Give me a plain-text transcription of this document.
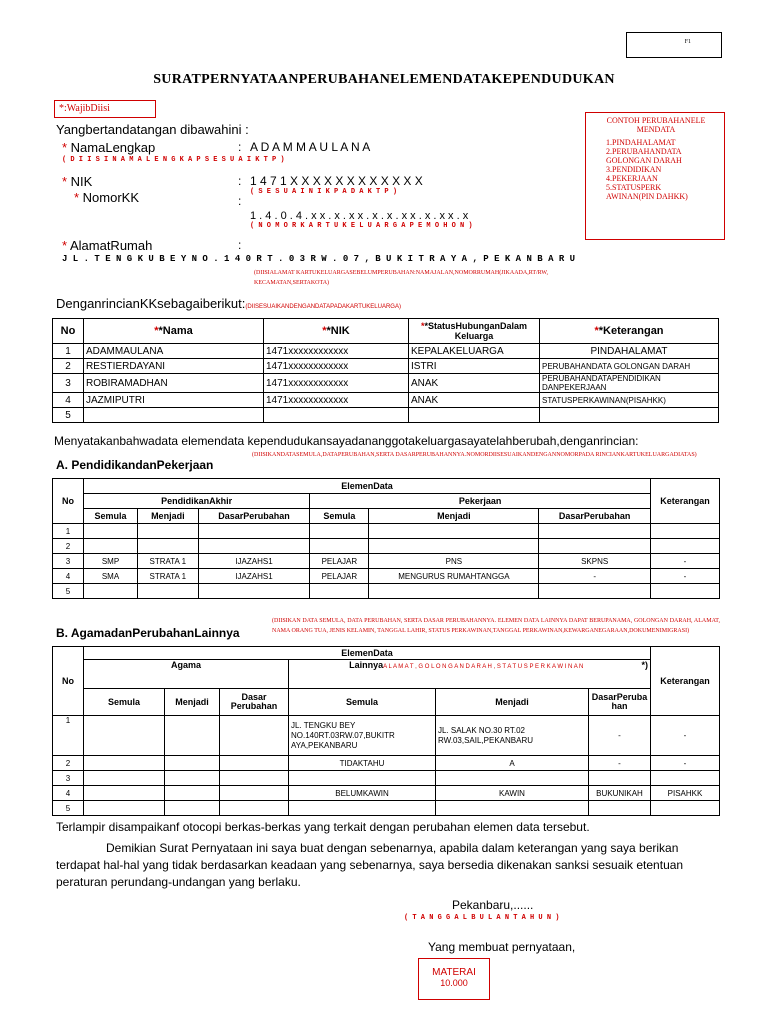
F1
SURATPERNYATAANPERUBAHANELEMENDATAKEPENDUDUKAN
*:WajibDiisi
CONTOH PERUBAHANELE MENDATA
1.PINDAHALAMAT
2.PERUBAHANDATA GOLONGAN DARAH
3.PENDIDIKAN
4.PEKERJAAN
5.STATUSPERK AWINAN(PIN DAHKK)
Yangbertandatangan dibawahini :
* NamaLengkap	: A D A M M A U L A N A
( D I I S I N A M A L E N G K A P S E S U A I K T P )
* NIK	: 1 4 7 1 X X X X X X X X X X X X
( S E S U A I N I K P A D A K T P )
* NomorKK	:
1 . 4 . 0 . 4 . x x . x . x x . x . x . x x . x . x x . x
( N O M O R K A R T U K E L U A R G A P E M O H O N )
* AlamatRumah	:
J L . T E N G K U B E Y N O . 1 4 0 R T . 0 3 R W . 0 7 , B U K I T R A Y A , P E K A N B A R U
(DIISIALAMAT KARTUKELUARGASEBELUMPERUBAHAN:NAMAJALAN,NOMORRUMAH(JIKAADA,RT/RW, KECAMATAN,SERTAKOTA)
DenganrincianKKsebagaiberikut:(DIISESUAIKANDENGANDATAPADAKARTUKELUARGA)
No	**Nama	**NIK	**StatusHubunganDalam Keluarga	**Keterangan
1	ADAMMAULANA	1471xxxxxxxxxxxx	KEPALAKELUARGA	PINDAHALAMAT
2	RESTIERDAYANI	1471xxxxxxxxxxxx	ISTRI	PERUBAHANDATA GOLONGAN DARAH
3	ROBIRAMADHAN	1471xxxxxxxxxxxx	ANAK	PERUBAHANDATAPENDIDIKAN DANPEKERJAAN
4	JAZMIPUTRI	1471xxxxxxxxxxxx	ANAK	STATUSPERKAWINAN(PISAHKK)
5				
Menyatakanbahwadata elemendata kependudukansayadananggotakeluargasayatelahberubah,denganrincian:
A. PendidikandanPekerjaan
(DIISIKANDATASEMULA,DATAPERUBAHAN,SERTA DASARPERUBAHANNYA.NOMORDIISESUAIKANDENGANNOMORPADA RINCIANKARTUKELUARGADIATAS)
No	ElemenData						Keterangan
	PendidikanAkhir			Pekerjaan			
	Semula	Menjadi	DasarPerubahan	Semula	Menjadi	DasarPerubahan	
1							
2							
3	SMP	STRATA 1	IJAZAHS1	PELAJAR	PNS	SKPNS	-
4	SMA	STRATA 1	IJAZAHS1	PELAJAR	MENGURUS RUMAHTANGGA	-	-
5							
B. AgamadanPerubahanLainnya
(DIISIKAN DATA SEMULA, DATA PERUBAHAN, SERTA DASAR PERUBAHANNYA. ELEMEN DATA LAINNYA DAPAT BERUPANAMA, GOLONGAN DARAH, ALAMAT, NAMA ORANG TUA, JENIS KELAMIN, TANGGAL LAHIR, STATUS PERKAWINAN,TANGGAL PERKAWINAN,KEWARGANEGARAAN,DOKUMENIMIGRASI)
No	ElemenData						Keterangan
	Agama			LainnyaA L A M A T , G O L O N G A N D A R A H , S T A T U S P E R K A W I N A N *)			

	Semula	Menjadi	Dasar Perubahan	Semula	Menjadi	DasarPeruba han	
1				JL. TENGKU BEY NO.140RT.03RW.07,BUKITR AYA,PEKANBARU	JL. SALAK NO.30 RT.02 RW.03,SAIL,PEKANBARU	-	-
2				TIDAKTAHU	A	-	-
3							
4				BELUMKAWIN	KAWIN	BUKUNIKAH	PISAHKK
5							
Terlampir disampaikanf otocopi berkas-berkas yang terkait dengan perubahan elemen data tersebut.
Demikian Surat Pernyataan ini saya buat dengan sebenarnya, apabila dalam keterangan yang saya berikan terdapat hal-hal yang tidak berdasarkan keadaan yang sebenarnya, saya bersedia dikenakan sanksi sesuaik etentuan peraturan perundang-undangan yang berlaku.
Pekanbaru,......
( T A N G G A L B U L A N T A H U N )
Yang membuat pernyataan,
MATERAI
10.000
